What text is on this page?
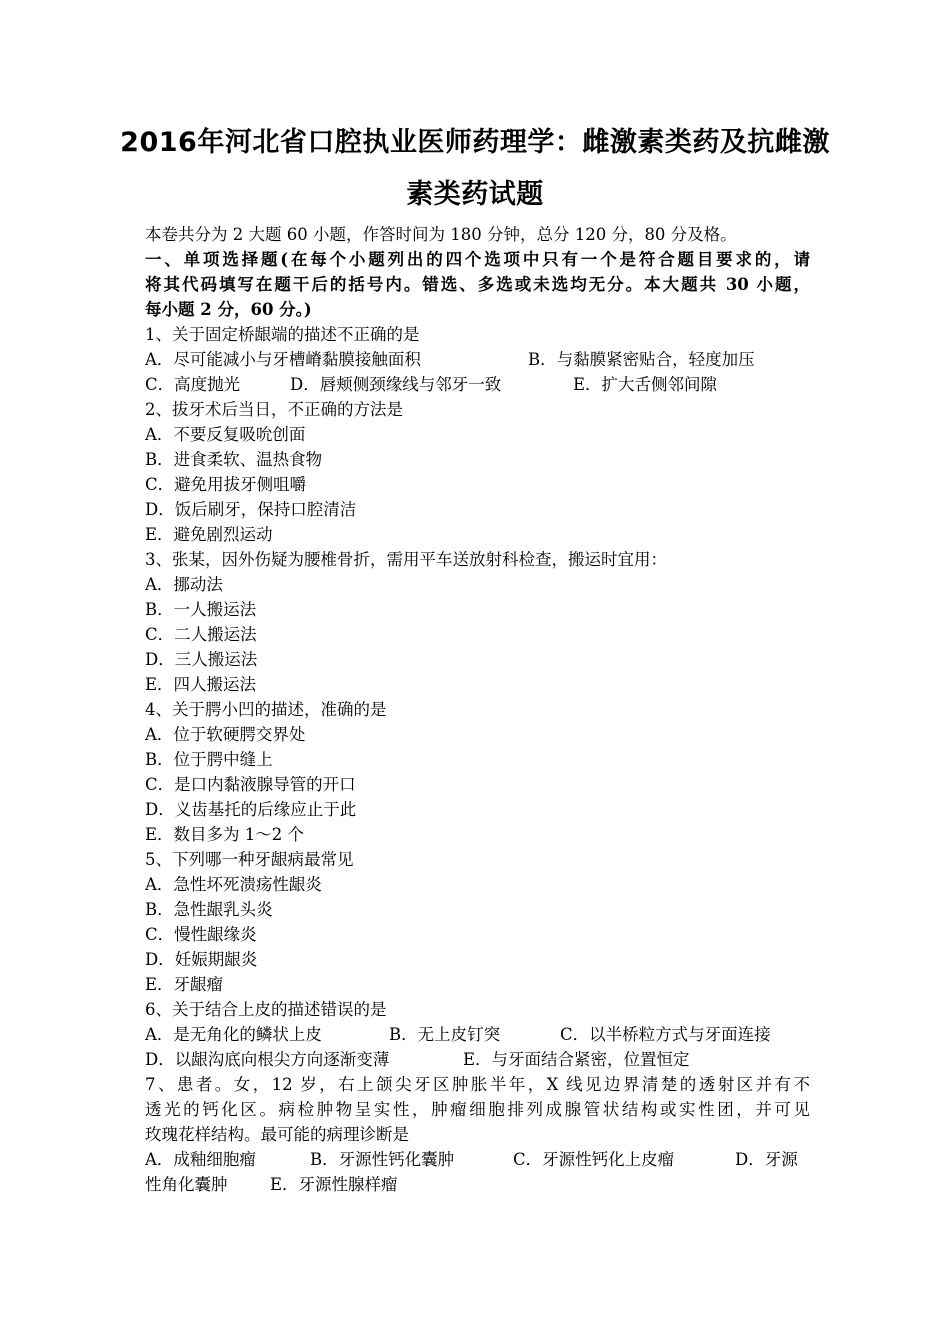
2016年河北省口腔执业医师药理学：雌激素类药及抗雌激
素类药试题
本卷共分为 2 大题 60 小题，作答时间为 180 分钟，总分 120 分，80 分及格。
一、单项选择题(在每个小题列出的四个选项中只有一个是符合题目要求的，请
将其代码填写在题干后的括号内。错选、多选或未选均无分。本大题共 30 小题，
每小题 2 分，60 分。)
1、关于固定桥龈端的描述不正确的是
A．尽可能减小与牙槽嵴黏膜接触面积	B．与黏膜紧密贴合，轻度加压
C．高度抛光	D．唇颊侧颈缘线与邻牙一致	E．扩大舌侧邻间隙
2、拔牙术后当日，不正确的方法是
A．不要反复吸吮创面
B．进食柔软、温热食物
C．避免用拔牙侧咀嚼
D．饭后刷牙，保持口腔清洁
E．避免剧烈运动
3、张某，因外伤疑为腰椎骨折，需用平车送放射科检查，搬运时宜用：
A．挪动法
B．一人搬运法
C．二人搬运法
D．三人搬运法
E．四人搬运法
4、关于腭小凹的描述，准确的是
A．位于软硬腭交界处
B．位于腭中缝上
C．是口内黏液腺导管的开口
D．义齿基托的后缘应止于此
E．数目多为 1～2 个
5、下列哪一种牙龈病最常见
A．急性坏死溃疡性龈炎
B．急性龈乳头炎
C．慢性龈缘炎
D．妊娠期龈炎
E．牙龈瘤
6、关于结合上皮的描述错误的是
A．是无角化的鳞状上皮	B．无上皮钉突	C．以半桥粒方式与牙面连接
D．以龈沟底向根尖方向逐渐变薄	E．与牙面结合紧密，位置恒定
7、患者。女，12 岁，右上颌尖牙区肿胀半年，X 线见边界清楚的透射区并有不
透光的钙化区。病检肿物呈实性，肿瘤细胞排列成腺管状结构或实性团，并可见
玫瑰花样结构。最可能的病理诊断是
A．成釉细胞瘤	B．牙源性钙化囊肿	C．牙源性钙化上皮瘤	D．牙源
性角化囊肿	E．牙源性腺样瘤
